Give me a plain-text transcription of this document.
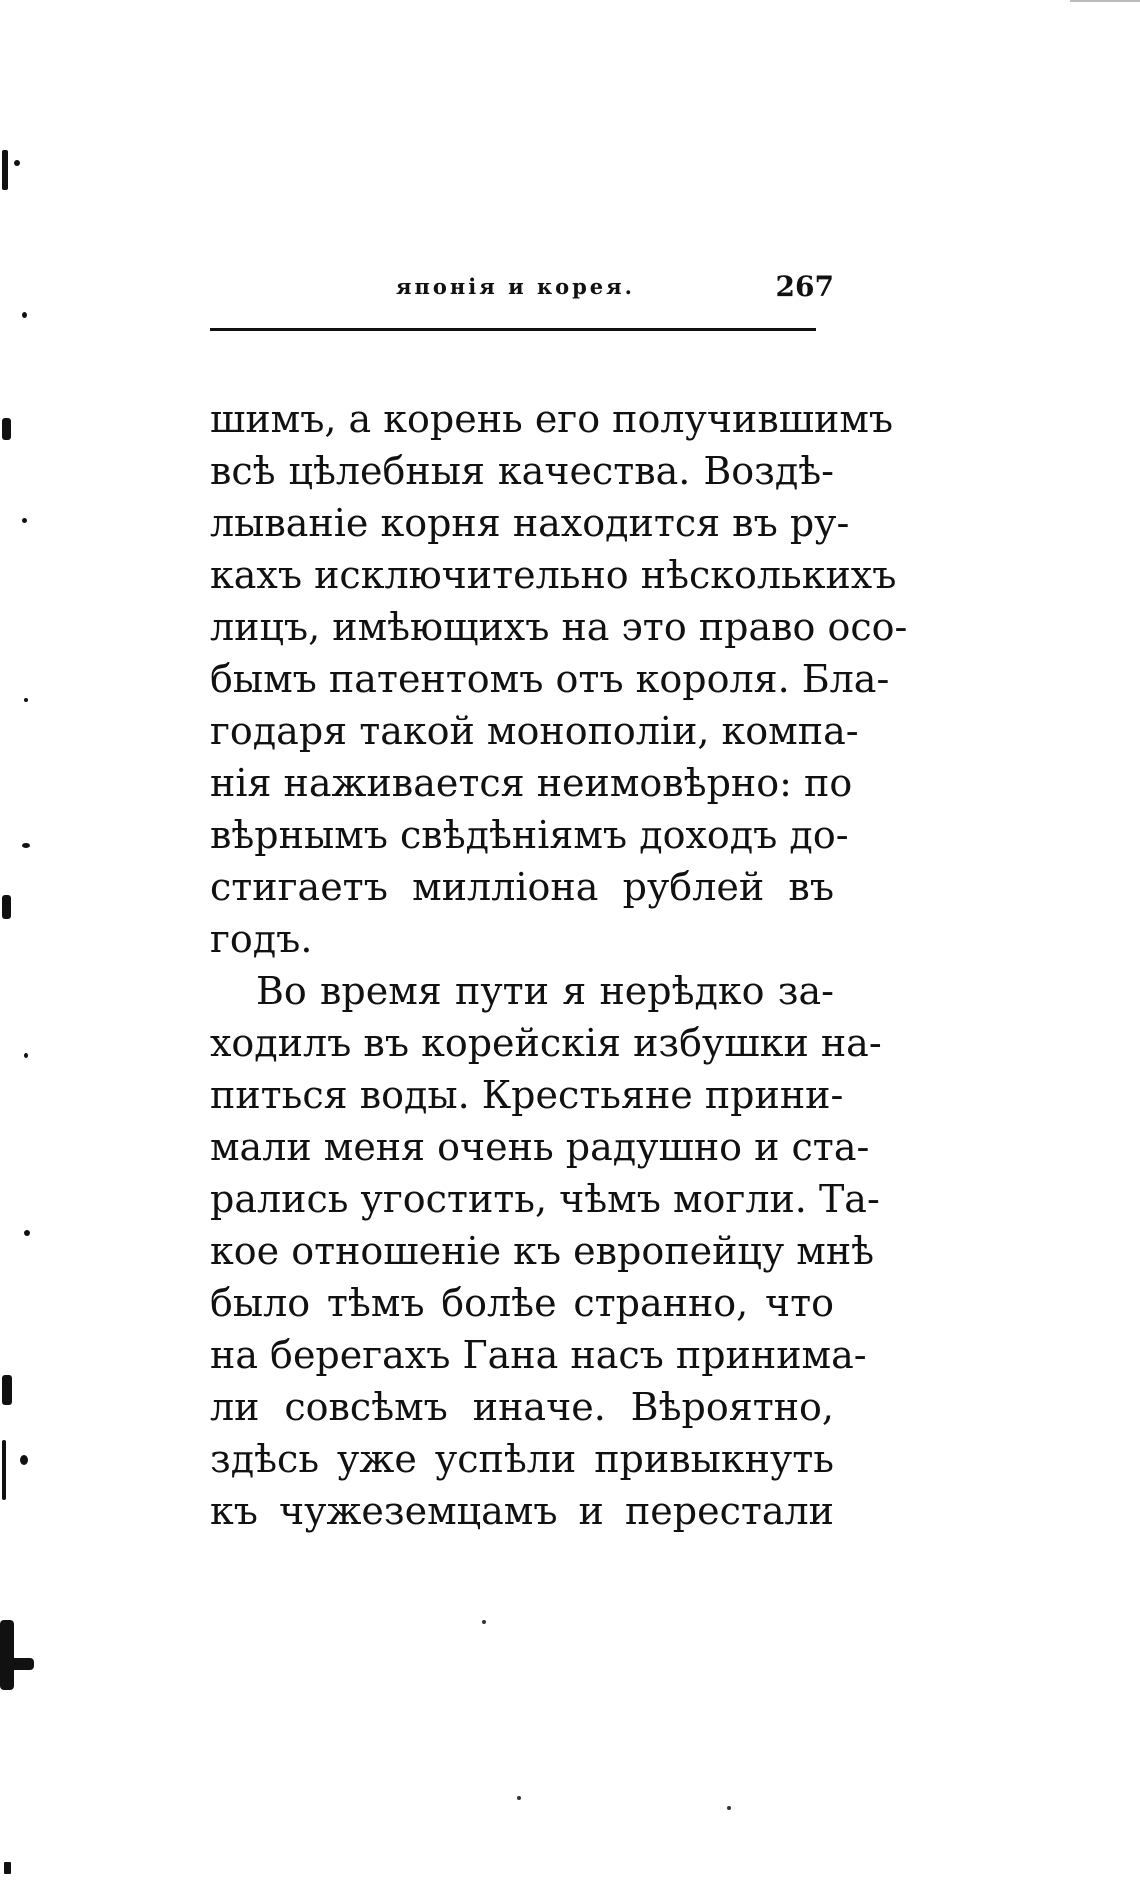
японія и корея.	267
шимъ, а корень его получившимъ
всѣ цѣлебныя качества. Воздѣ-
лываніе корня находится въ ру-
кахъ исключительно нѣсколькихъ
лицъ, имѣющихъ на это право осо-
бымъ патентомъ отъ короля. Бла-
годаря такой монополіи, компа-
нія наживается неимовѣрно: по
вѣрнымъ свѣдѣніямъ доходъ до-
стигаетъ милліона рублей въ
годъ.
Во время пути я нерѣдко за-
ходилъ въ корейскія избушки на-
питься воды. Крестьяне прини-
мали меня очень радушно и ста-
рались угостить, чѣмъ могли. Та-
кое отношеніе къ европейцу мнѣ
было тѣмъ болѣе странно, что
на берегахъ Гана насъ принима-
ли совсѣмъ иначе. Вѣроятно,
здѣсь уже успѣли привыкнуть
къ чужеземцамъ и перестали
